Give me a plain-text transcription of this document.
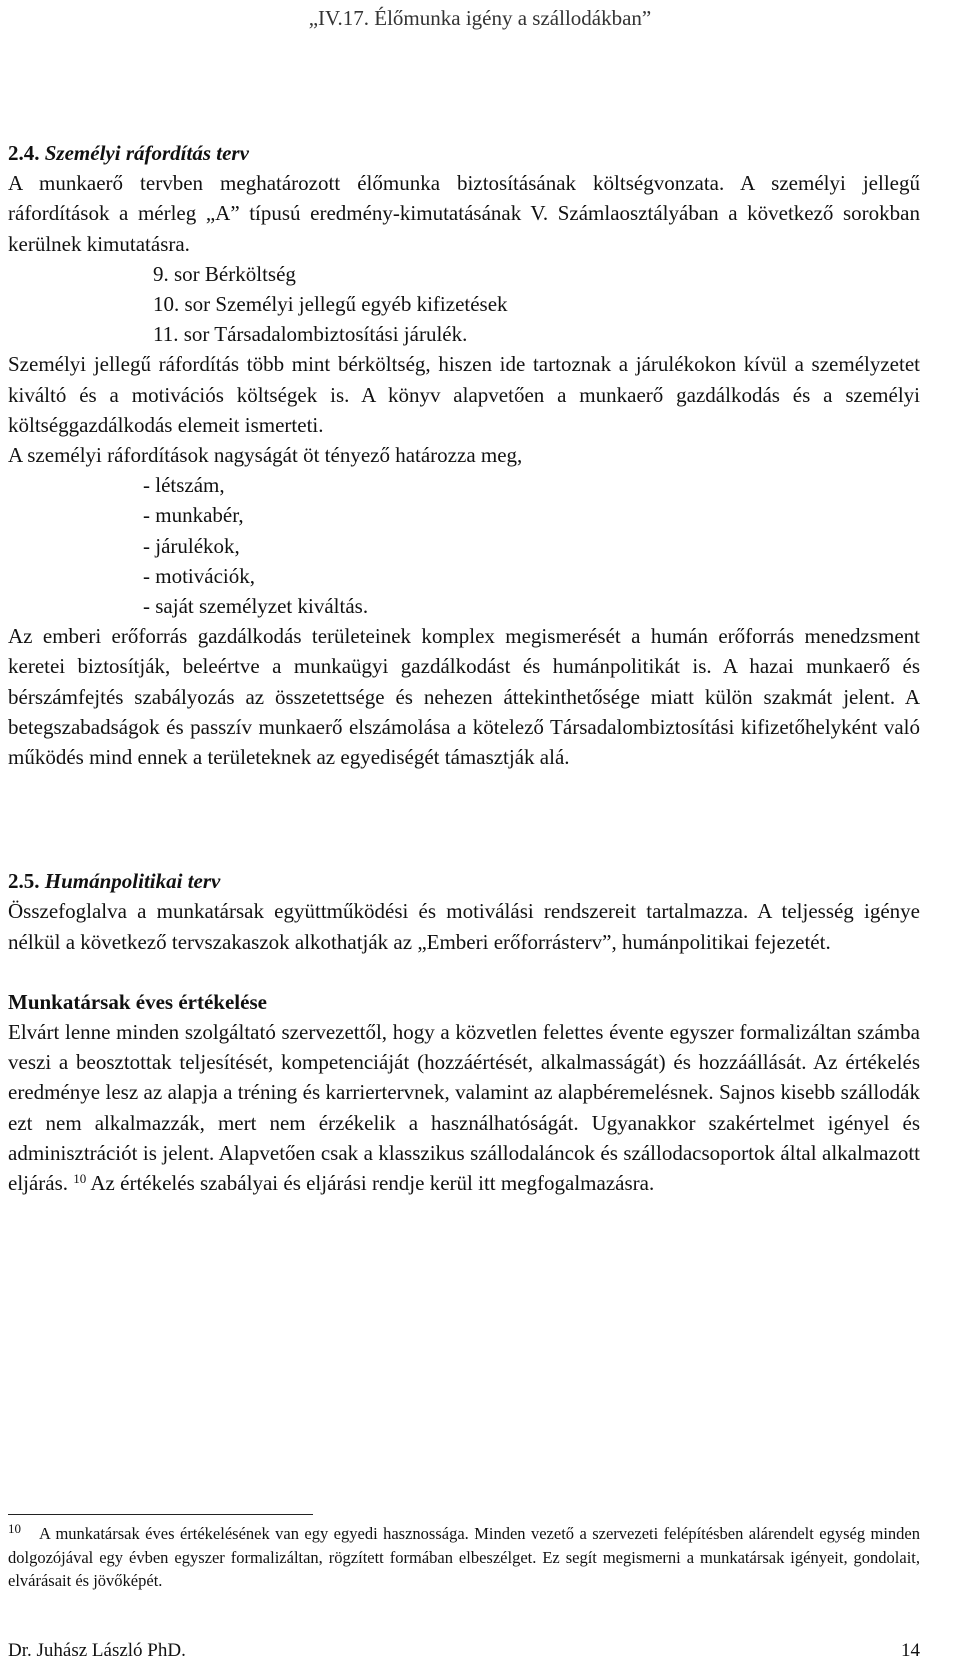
„IV.17. Élőmunka igény a szállodákban”

2.4. Személyi ráfordítás terv

A munkaerő tervben meghatározott élőmunka biztosításának költségvonzata. A személyi jellegű ráfordítások a mérleg „A” típusú eredmény-kimutatásának V. Számlaosztályában a következő sorokban kerülnek kimutatásra.

9. sor Bérköltség

10. sor Személyi jellegű egyéb kifizetések

11. sor Társadalombiztosítási járulék.

Személyi jellegű ráfordítás több mint bérköltség, hiszen ide tartoznak a járulékokon kívül a személyzetet kiváltó és a motivációs költségek is. A könyv alapvetően a munkaerő gazdálkodás és a személyi költséggazdálkodás elemeit ismerteti.

A személyi ráfordítások nagyságát öt tényező határozza meg,

- létszám,

- munkabér,

- járulékok,

- motivációk,

- saját személyzet kiváltás.

Az emberi erőforrás gazdálkodás területeinek komplex megismerését a humán erőforrás menedzsment keretei biztosítják, beleértve a munkaügyi gazdálkodást és humánpolitikát is. A hazai munkaerő és bérszámfejtés szabályozás az összetettsége és nehezen áttekinthetősége miatt külön szakmát jelent. A betegszabadságok és passzív munkaerő elszámolása a kötelező Társadalombiztosítási kifizetőhelyként való működés mind ennek a területeknek az egyediségét támasztják alá.

2.5. Humánpolitikai terv

Összefoglalva a munkatársak együttműködési és motiválási rendszereit tartalmazza. A teljesség igénye nélkül a következő tervszakaszok alkothatják az „Emberi erőforrásterv”, humánpolitikai fejezetét.

Munkatársak éves értékelése

Elvárt lenne minden szolgáltató szervezettől, hogy a közvetlen felettes évente egyszer formalizáltan számba veszi a beosztottak teljesítését, kompetenciáját (hozzáértését, alkalmasságát) és hozzáállását. Az értékelés eredménye lesz az alapja a tréning és karriertervnek, valamint az alapbéremelésnek. Sajnos kisebb szállodák ezt nem alkalmazzák, mert nem érzékelik a használhatóságát. Ugyanakkor szakértelmet igényel és adminisztrációt is jelent. Alapvetően csak a klasszikus szállodaláncok és szállodacsoportok által alkalmazott eljárás. $^{10}$ Az értékelés szabályai és eljárási rendje kerül itt megfogalmazásra.

$^{10}$ A munkatársak éves értékelésének van egy egyedi hasznossága. Minden vezető a szervezeti felépítésben alárendelt egység minden dolgozójával egy évben egyszer formalizáltan, rögzített formában elbeszélget. Ez segít megismerni a munkatársak igényeit, gondolait, elvárásait és jövőképét.
Dr. Juhász László PhD.	14
